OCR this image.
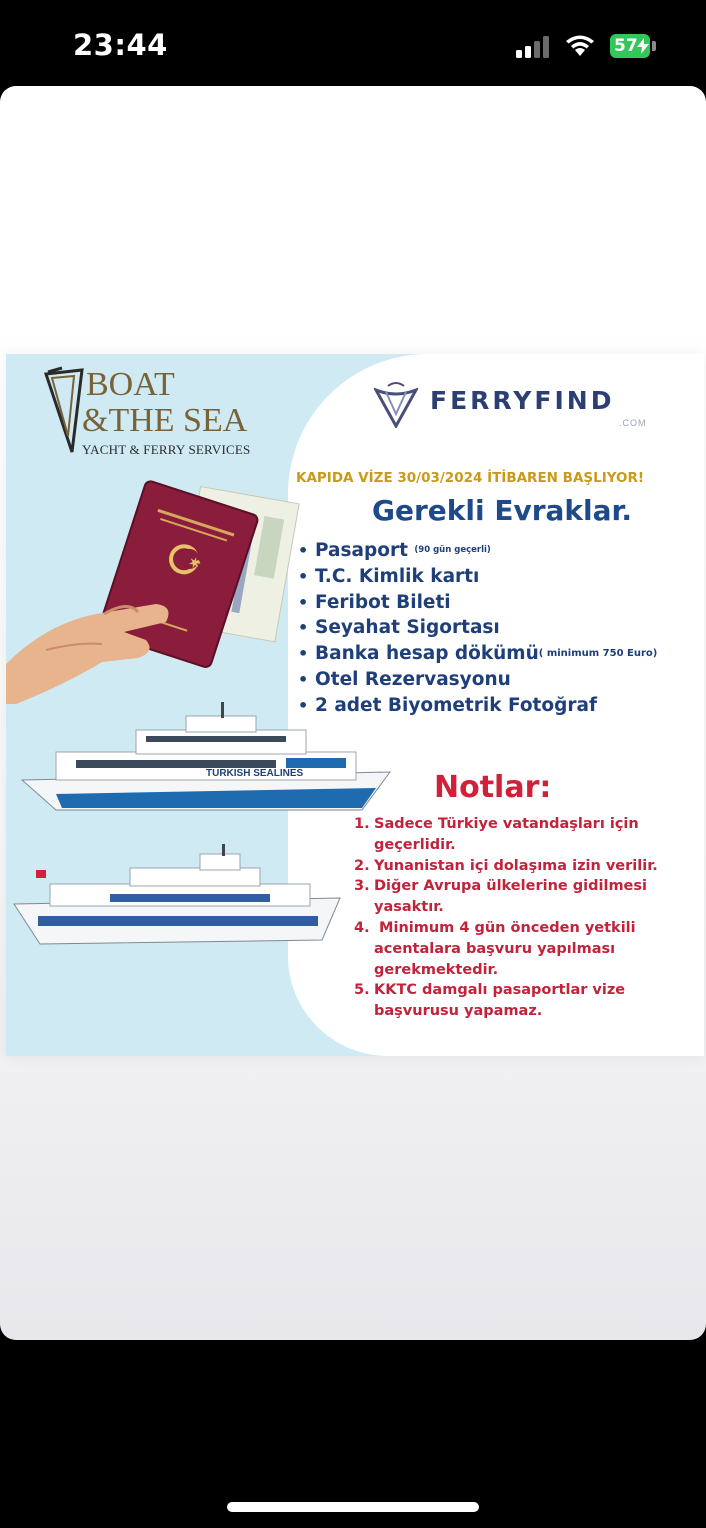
23:44	57
BOAT
&THE SEA
YACHT & FERRY SERVICES
FERRYFIND
.COM
KAPIDA VİZE 30/03/2024 İTİBAREN BAŞLIYOR!
Gerekli Evraklar.
• Pasaport (90 gün geçerli)
• T.C. Kimlik kartı
• Feribot Bileti
• Seyahat Sigortası
• Banka hesap dökümü( minimum 750 Euro)
• Otel Rezervasyonu
• 2 adet Biyometrik Fotoğraf
Notlar:
1. Sadece Türkiye vatandaşları için geçerlidir.
2. Yunanistan içi dolaşıma izin verilir.
3. Diğer Avrupa ülkelerine gidilmesi yasaktır.
4. Minimum 4 gün önceden yetkili acentalara başvuru yapılması gerekmektedir.
5. KKTC damgalı pasaportlar vize başvurusu yapamaz.
TURKISH SEALINES
